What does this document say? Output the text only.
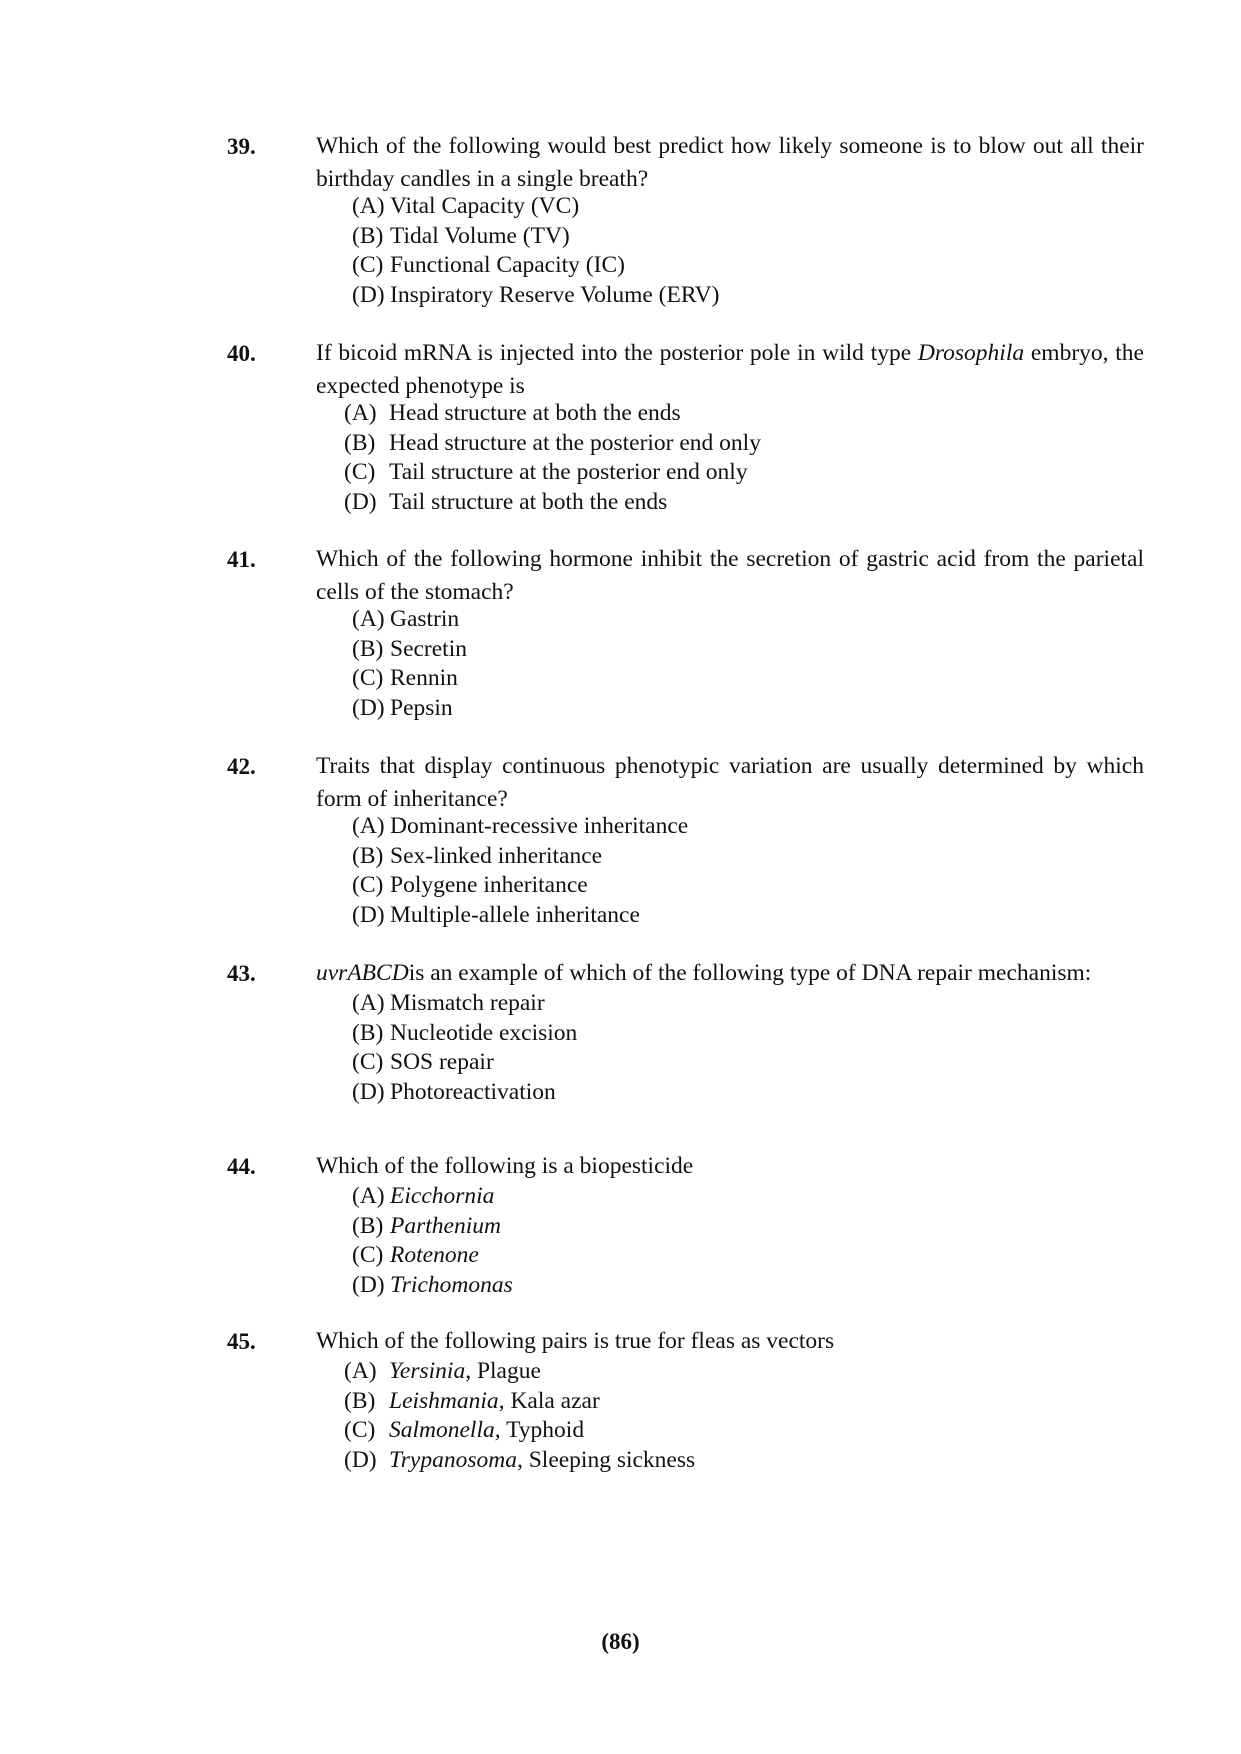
39.	Which of the following would best predict how likely someone is to blow out all their birthday candles in a single breath?
(A) Vital Capacity (VC)
(B) Tidal Volume (TV)
(C) Functional Capacity (IC)
(D) Inspiratory Reserve Volume (ERV)
40.	If bicoid mRNA is injected into the posterior pole in wild type Drosophila embryo, the expected phenotype is
(A) Head structure at both the ends
(B) Head structure at the posterior end only
(C) Tail structure at the posterior end only
(D) Tail structure at both the ends
41.	Which of the following hormone inhibit the secretion of gastric acid from the parietal cells of the stomach?
(A) Gastrin
(B) Secretin
(C) Rennin
(D) Pepsin
42.	Traits that display continuous phenotypic variation are usually determined by which form of inheritance?
(A) Dominant-recessive inheritance
(B) Sex-linked inheritance
(C) Polygene inheritance
(D) Multiple-allele inheritance
43.	uvrABCDis an example of which of the following type of DNA repair mechanism:
(A) Mismatch repair
(B) Nucleotide excision
(C) SOS repair
(D) Photoreactivation
44.	Which of the following is a biopesticide
(A) Eicchornia
(B) Parthenium
(C) Rotenone
(D) Trichomonas
45.	Which of the following pairs is true for fleas as vectors
(A) Yersinia, Plague
(B) Leishmania, Kala azar
(C) Salmonella, Typhoid
(D) Trypanosoma, Sleeping sickness
(86)
